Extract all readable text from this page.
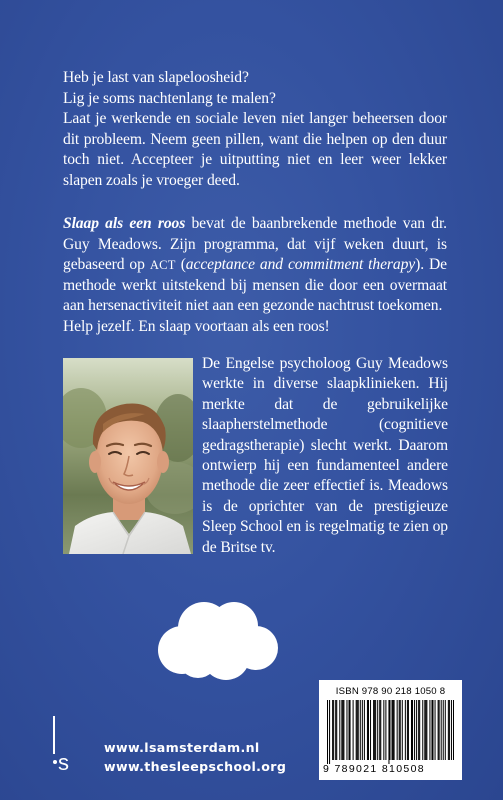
Heb je last van slapeloosheid?

Lig je soms nachtenlang te malen?

Laat je werkende en sociale leven niet langer beheersen door dit probleem. Neem geen pillen, want die helpen op den duur toch niet. Accepteer je uitputting niet en leer weer lekker slapen zoals je vroeger deed.

Slaap als een roos bevat de baanbrekende methode van dr. Guy Meadows. Zijn programma, dat vijf weken duurt, is gebaseerd op ACT (acceptance and commitment therapy). De methode werkt uitstekend bij mensen die door een overmaat aan hersenactiviteit niet aan een gezonde nachtrust toekomen.

Help jezelf. En slaap voortaan als een roos!

De Engelse psycholoog Guy Meadows werkte in diverse slaapklinieken. Hij merkte dat de gebruikelijke slaapherstelmethode (cognitieve gedragstherapie) slecht werkt. Daarom ontwierp hij een fundamenteel andere methode die zeer effectief is. Meadows is de oprichter van de prestigieuze Sleep School en is regelmatig te zien op de Britse tv.

s
www.lsamsterdam.nl
www.thesleepschool.org
ISBN 978 90 218 1050 8
9 789021 810508
